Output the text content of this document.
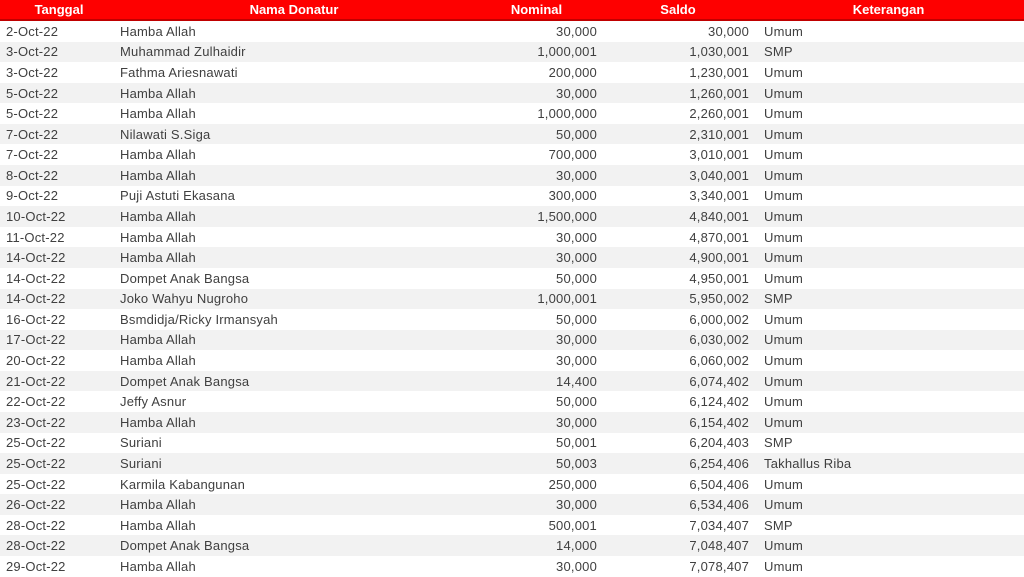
Tanggal	Nama Donatur	Nominal	Saldo	Keterangan
2-Oct-22	Hamba Allah	30,000	30,000	Umum
3-Oct-22	Muhammad Zulhaidir	1,000,001	1,030,001	SMP
3-Oct-22	Fathma Ariesnawati	200,000	1,230,001	Umum
5-Oct-22	Hamba Allah	30,000	1,260,001	Umum
5-Oct-22	Hamba Allah	1,000,000	2,260,001	Umum
7-Oct-22	Nilawati S.Siga	50,000	2,310,001	Umum
7-Oct-22	Hamba Allah	700,000	3,010,001	Umum
8-Oct-22	Hamba Allah	30,000	3,040,001	Umum
9-Oct-22	Puji Astuti Ekasana	300,000	3,340,001	Umum
10-Oct-22	Hamba Allah	1,500,000	4,840,001	Umum
11-Oct-22	Hamba Allah	30,000	4,870,001	Umum
14-Oct-22	Hamba Allah	30,000	4,900,001	Umum
14-Oct-22	Dompet Anak Bangsa	50,000	4,950,001	Umum
14-Oct-22	Joko Wahyu Nugroho	1,000,001	5,950,002	SMP
16-Oct-22	Bsmdidja/Ricky Irmansyah	50,000	6,000,002	Umum
17-Oct-22	Hamba Allah	30,000	6,030,002	Umum
20-Oct-22	Hamba Allah	30,000	6,060,002	Umum
21-Oct-22	Dompet Anak Bangsa	14,400	6,074,402	Umum
22-Oct-22	Jeffy Asnur	50,000	6,124,402	Umum
23-Oct-22	Hamba Allah	30,000	6,154,402	Umum
25-Oct-22	Suriani	50,001	6,204,403	SMP
25-Oct-22	Suriani	50,003	6,254,406	Takhallus Riba
25-Oct-22	Karmila Kabangunan	250,000	6,504,406	Umum
26-Oct-22	Hamba Allah	30,000	6,534,406	Umum
28-Oct-22	Hamba Allah	500,001	7,034,407	SMP
28-Oct-22	Dompet Anak Bangsa	14,000	7,048,407	Umum
29-Oct-22	Hamba Allah	30,000	7,078,407	Umum
